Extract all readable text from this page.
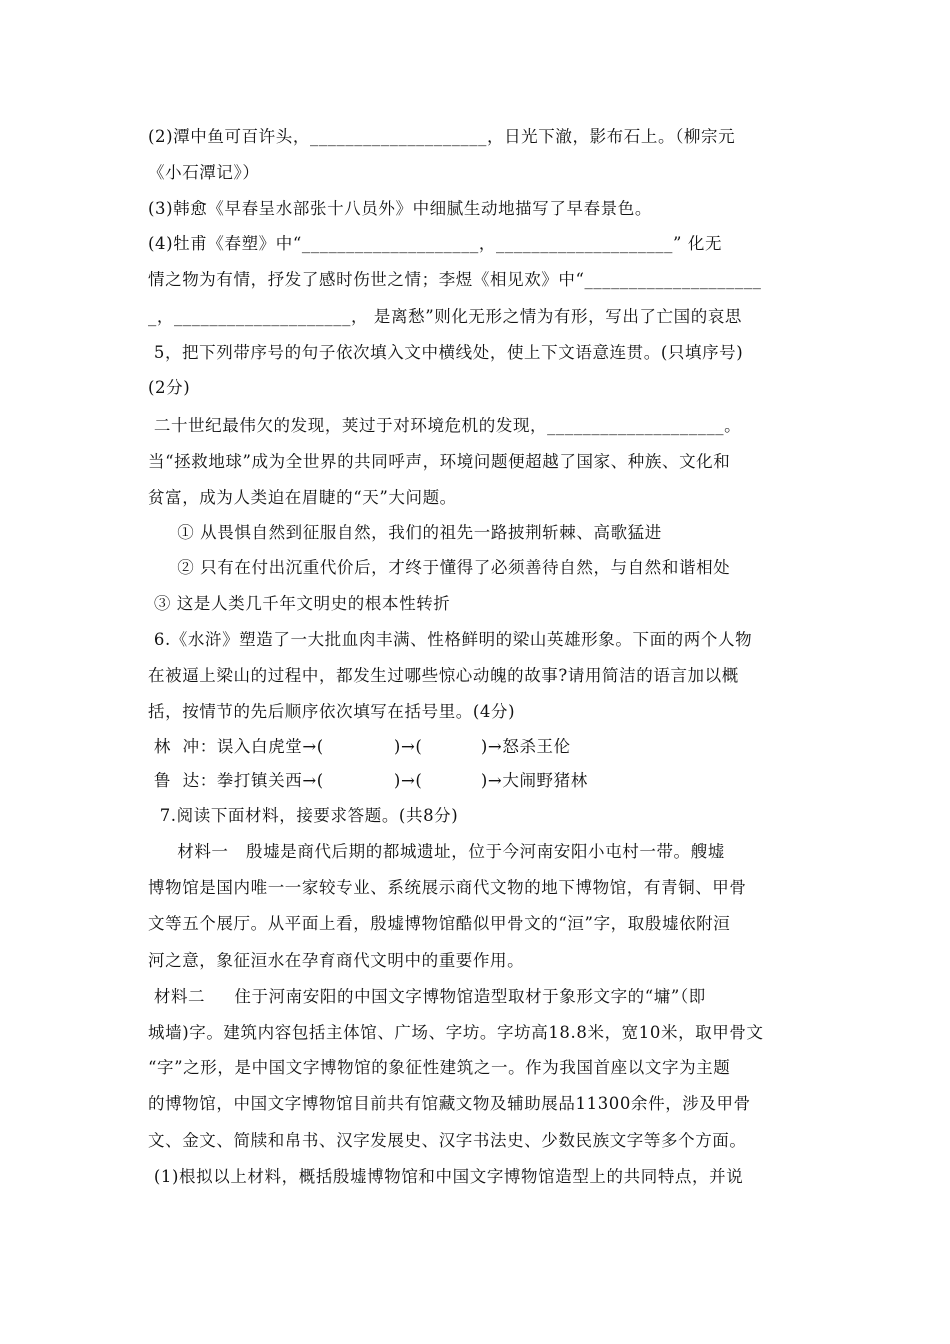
(2)潭中鱼可百许头，____________________，日光下澈，影布石上。（柳宗元
《小石潭记》）
(3)韩愈《早春呈水部张十八员外》中细腻生动地描写了早春景色。
(4)牡甫《春塑》中“____________________，____________________” 化无
情之物为有情，抒发了感时伤世之情；李煜《相见欢》中“____________________
_，____________________， 是离愁”则化无形之情为有形，写出了亡国的哀思
5，把下列带序号的句子依次填入文中横线处，使上下文语意连贯。(只填序号)
(2分)
二十世纪最伟欠的发现，荚过于对环境危机的发现，____________________。
当“拯救地球”成为全世界的共同呼声，环境问题便超越了国家、种族、文化和
贫富，成为人类迫在眉睫的“天”大问题。
① 从畏惧自然到征服自然，我们的祖先一路披荆斩棘、高歌猛进
② 只有在付出沉重代价后，才终于懂得了必须善待自然，与自然和谐相处
③ 这是人类几千年文明史的根本性转折
6.《水浒》塑造了一大批血肉丰满、性格鲜明的梁山英雄形象。下面的两个人物
在被逼上梁山的过程中，都发生过哪些惊心动魄的故事?请用简洁的语言加以概
括，按情节的先后顺序依次填写在括号里。(4分)
林  冲：误入白虎堂→(            )→(          )→怒杀王伦
鲁  达：拳打镇关西→(            )→(          )→大闹野猪林
7.阅读下面材料，接要求答题。(共8分)
材料一   殷墟是商代后期的都城遗址，位于今河南安阳小屯村一带。艘墟
博物馆是国内唯一一家较专业、系统展示商代文物的地下博物馆，有青铜、甲骨
文等五个展厅。从平面上看，殷墟博物馆酷似甲骨文的“洹”字，取殷墟依附洹
河之意，象征洹水在孕育商代文明中的重要作用。
材料二     住于河南安阳的中国文字博物馆造型取材于象形文字的“墉”（即
城墙)字。建筑内容包括主体馆、广场、字坊。字坊高18.8米，宽10米，取甲骨文
“字”之形，是中国文字博物馆的象征性建筑之一。作为我国首座以文字为主题
的博物馆，中国文字博物馆目前共有馆藏文物及辅助展品11300余件，涉及甲骨
文、金文、简牍和帛书、汉字发展史、汉字书法史、少数民族文字等多个方面。
(1)根拟以上材料，概括殷墟博物馆和中国文字博物馆造型上的共同特点，并说
